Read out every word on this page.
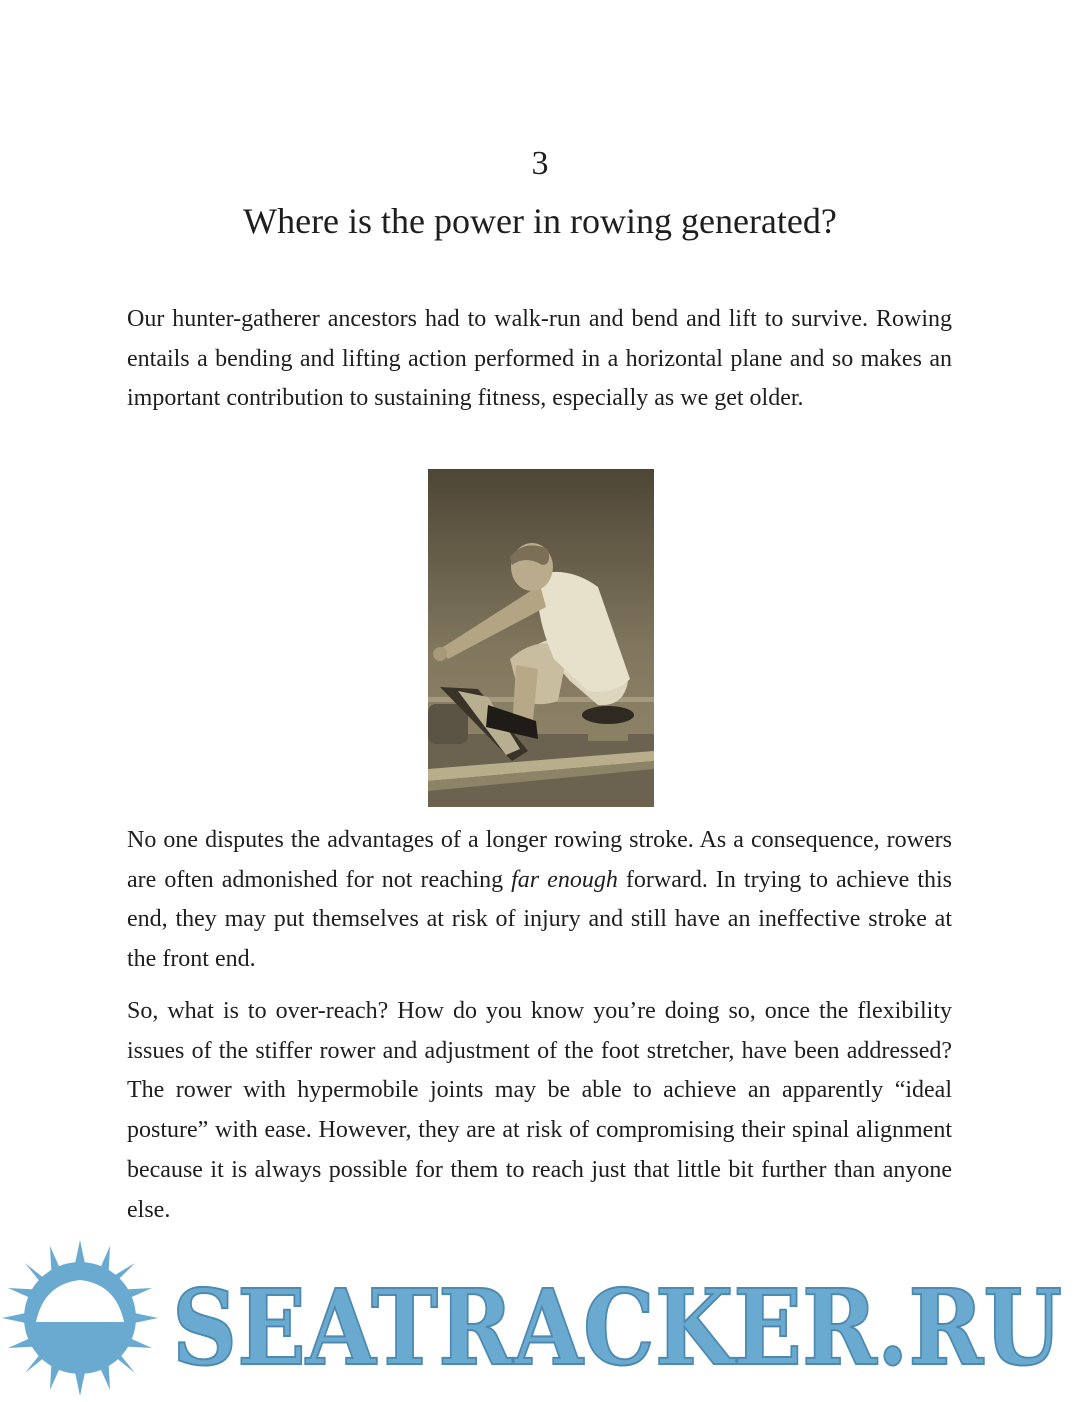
3
Where is the power in rowing generated?

Our hunter-gatherer ancestors had to walk-run and bend and lift to survive. Rowing entails a bending and lifting action performed in a horizontal plane and so makes an important contribution to sustaining fitness, especially as we get older.

No one disputes the advantages of a longer rowing stroke. As a consequence, rowers are often admonished for not reaching far enough forward. In trying to achieve this end, they may put themselves at risk of injury and still have an ineffective stroke at the front end.

So, what is to over-reach? How do you know you’re doing so, once the flexibility issues of the stiffer rower and adjustment of the foot stretcher, have been addressed? The rower with hypermobile joints may be able to achieve an apparently “ideal posture” with ease. However, they are at risk of compromising their spinal alignment because it is always possible for them to reach just that little bit further than anyone else.

SEATRACKER.RU
